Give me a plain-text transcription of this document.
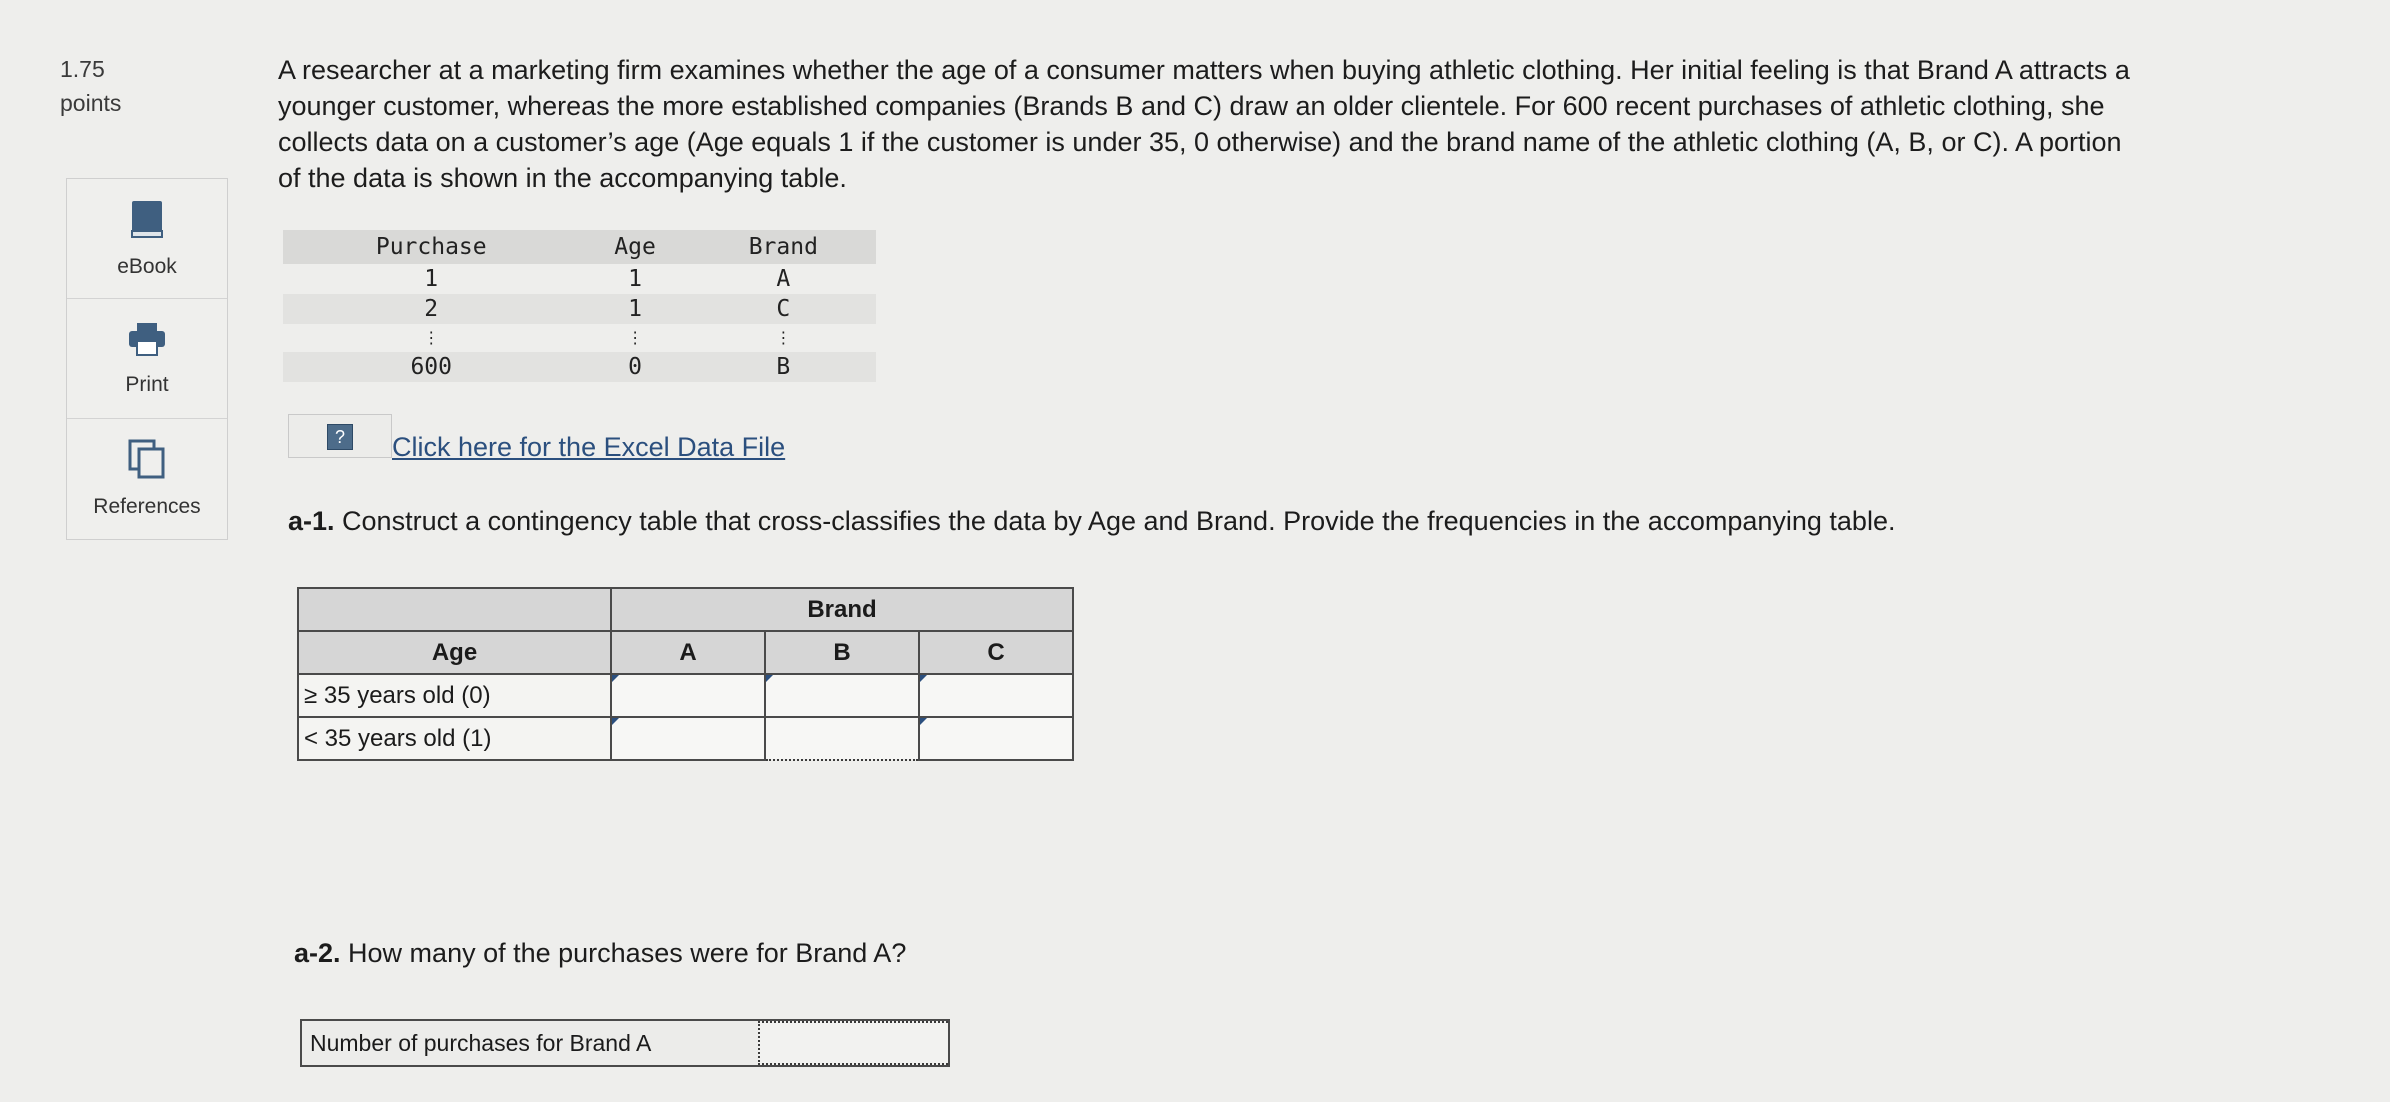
1.75
points
eBook
Print
References
A researcher at a marketing firm examines whether the age of a consumer matters when buying athletic clothing. Her initial feeling is that Brand A attracts a younger customer, whereas the more established companies (Brands B and C) draw an older clientele. For 600 recent purchases of athletic clothing, she collects data on a customer’s age (Age equals 1 if the customer is under 35, 0 otherwise) and the brand name of the athletic clothing (A, B, or C). A portion of the data is shown in the accompanying table.
Purchase	Age	Brand
1	1	A
2	1	C
⋮	⋮	⋮
600	0	B
? Click here for the Excel Data File
a-1. Construct a contingency table that cross-classifies the data by Age and Brand. Provide the frequencies in the accompanying table.
	Brand		
Age	A	B	C
≥ 35 years old (0)	

< 35 years old (1)	

a-2. How many of the purchases were for Brand A?
Number of purchases for Brand A
